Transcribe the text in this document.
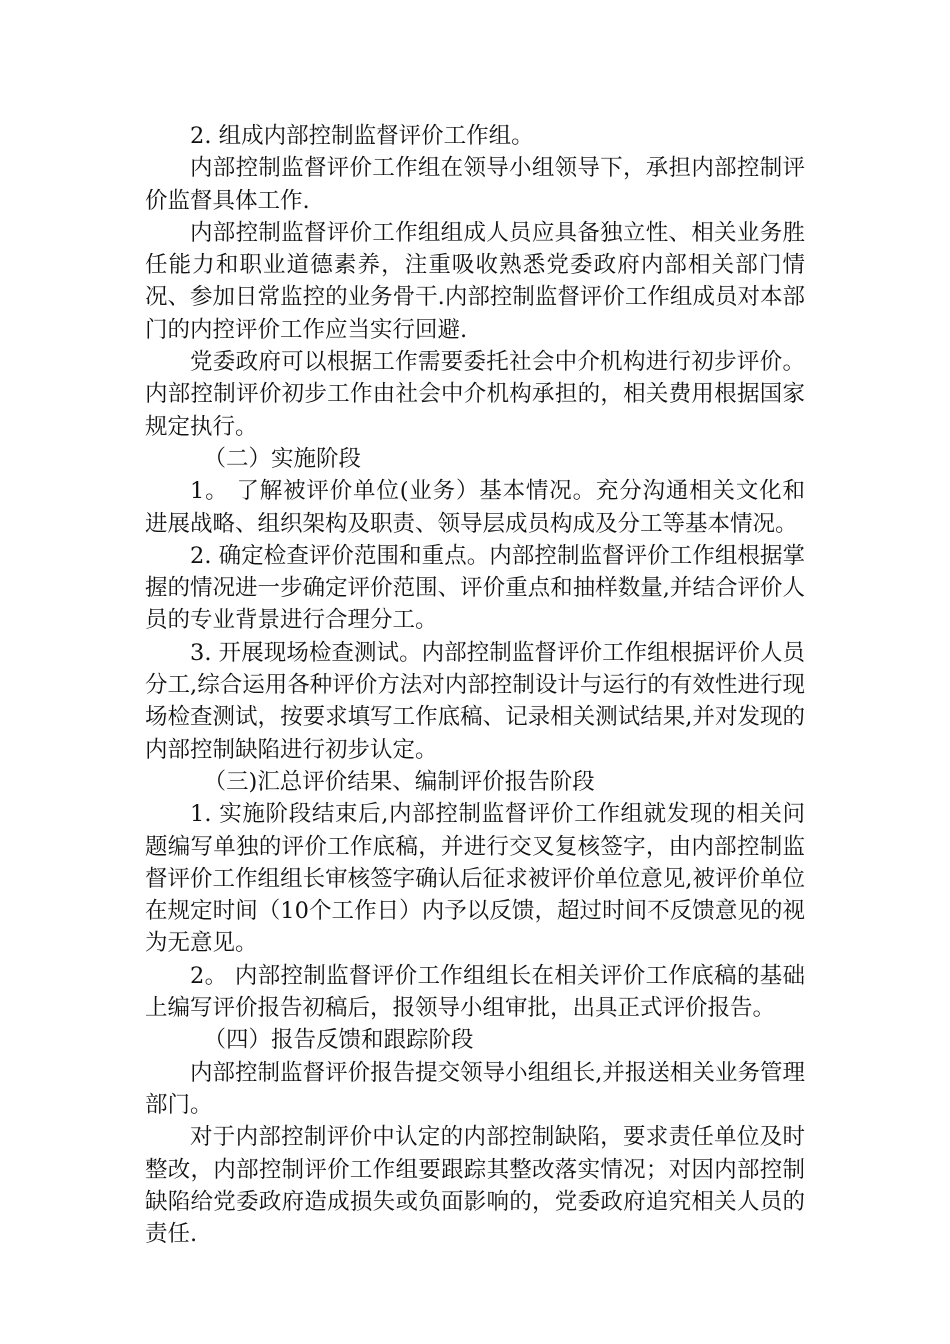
2. 组成内部控制监督评价工作组。

内部控制监督评价工作组在领导小组领导下，承担内部控制评价监督具体工作.

内部控制监督评价工作组组成人员应具备独立性、相关业务胜任能力和职业道德素养，注重吸收熟悉党委政府内部相关部门情况、参加日常监控的业务骨干.内部控制监督评价工作组成员对本部门的内控评价工作应当实行回避.

党委政府可以根据工作需要委托社会中介机构进行初步评价。内部控制评价初步工作由社会中介机构承担的，相关费用根据国家规定执行。

（二）实施阶段

1。 了解被评价单位(业务）基本情况。充分沟通相关文化和进展战略、组织架构及职责、领导层成员构成及分工等基本情况。

2. 确定检查评价范围和重点。内部控制监督评价工作组根据掌握的情况进一步确定评价范围、评价重点和抽样数量,并结合评价人员的专业背景进行合理分工。

3. 开展现场检查测试。内部控制监督评价工作组根据评价人员分工,综合运用各种评价方法对内部控制设计与运行的有效性进行现场检查测试，按要求填写工作底稿、记录相关测试结果,并对发现的内部控制缺陷进行初步认定。

（三)汇总评价结果、编制评价报告阶段

1. 实施阶段结束后,内部控制监督评价工作组就发现的相关问题编写单独的评价工作底稿，并进行交叉复核签字，由内部控制监督评价工作组组长审核签字确认后征求被评价单位意见,被评价单位在规定时间（10个工作日）内予以反馈，超过时间不反馈意见的视为无意见。

2。 内部控制监督评价工作组组长在相关评价工作底稿的基础上编写评价报告初稿后，报领导小组审批，出具正式评价报告。

（四）报告反馈和跟踪阶段

内部控制监督评价报告提交领导小组组长,并报送相关业务管理部门。

对于内部控制评价中认定的内部控制缺陷，要求责任单位及时整改，内部控制评价工作组要跟踪其整改落实情况；对因内部控制缺陷给党委政府造成损失或负面影响的，党委政府追究相关人员的责任.
